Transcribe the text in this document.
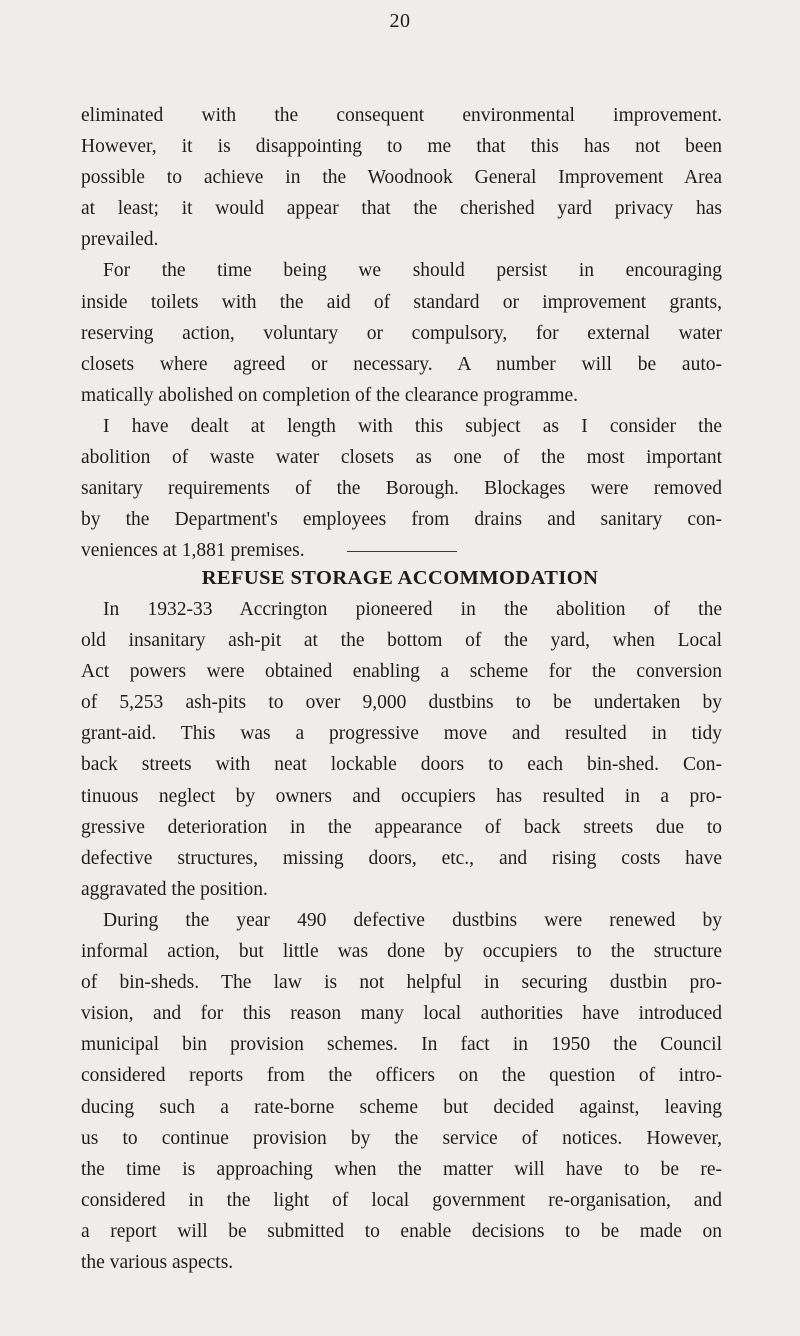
20
eliminated with the consequent environmental improvement.
However, it is disappointing to me that this has not been
possible to achieve in the Woodnook General Improvement Area
at least; it would appear that the cherished yard privacy has
prevailed.
For the time being we should persist in encouraging
inside toilets with the aid of standard or improvement grants,
reserving action, voluntary or compulsory, for external water
closets where agreed or necessary. A number will be auto-
matically abolished on completion of the clearance programme.
I have dealt at length with this subject as I consider the
abolition of waste water closets as one of the most important
sanitary requirements of the Borough. Blockages were removed
by the Department's employees from drains and sanitary con-
veniences at 1,881 premises.
REFUSE STORAGE ACCOMMODATION
In 1932-33 Accrington pioneered in the abolition of the
old insanitary ash-pit at the bottom of the yard, when Local
Act powers were obtained enabling a scheme for the conversion
of 5,253 ash-pits to over 9,000 dustbins to be undertaken by
grant-aid. This was a progressive move and resulted in tidy
back streets with neat lockable doors to each bin-shed. Con-
tinuous neglect by owners and occupiers has resulted in a pro-
gressive deterioration in the appearance of back streets due to
defective structures, missing doors, etc., and rising costs have
aggravated the position.
During the year 490 defective dustbins were renewed by
informal action, but little was done by occupiers to the structure
of bin-sheds. The law is not helpful in securing dustbin pro-
vision, and for this reason many local authorities have introduced
municipal bin provision schemes. In fact in 1950 the Council
considered reports from the officers on the question of intro-
ducing such a rate-borne scheme but decided against, leaving
us to continue provision by the service of notices. However,
the time is approaching when the matter will have to be re-
considered in the light of local government re-organisation, and
a report will be submitted to enable decisions to be made on
the various aspects.
